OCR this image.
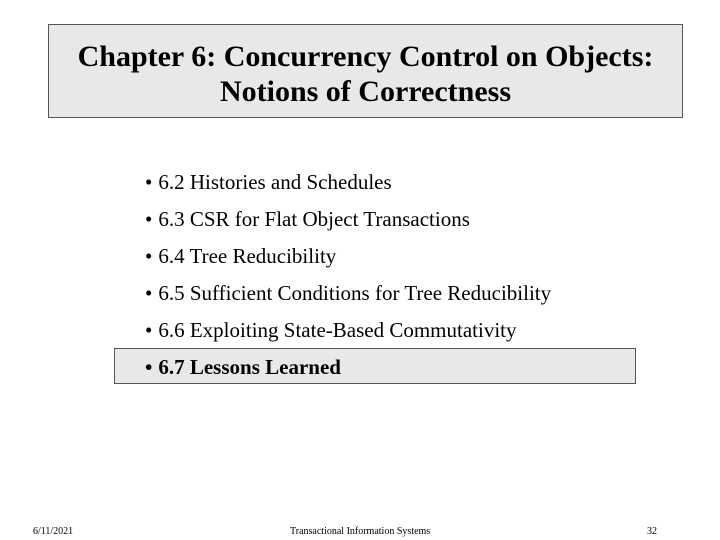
Chapter 6: Concurrency Control on Objects:
Notions of Correctness
• 6.2 Histories and Schedules
• 6.3 CSR for Flat Object Transactions
• 6.4 Tree Reducibility
• 6.5 Sufficient Conditions for Tree Reducibility
• 6.6 Exploiting State-Based Commutativity
• 6.7 Lessons Learned
6/11/2021	Transactional Information Systems	32
